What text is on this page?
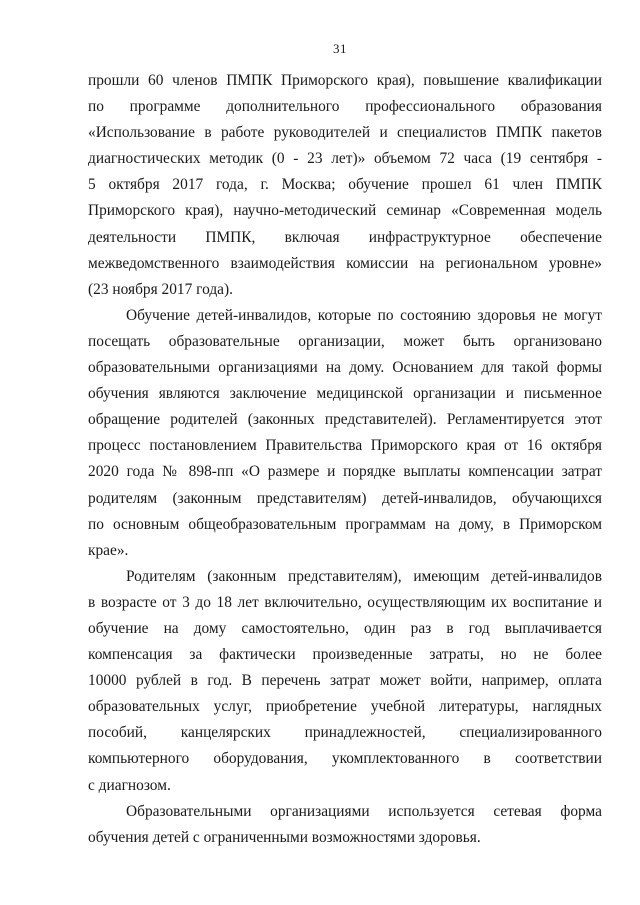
31
прошли 60 членов ПМПК Приморского края), повышение квалификации
по программе дополнительного профессионального образования
«Использование в работе руководителей и специалистов ПМПК пакетов
диагностических методик (0 - 23 лет)» объемом 72 часа (19 сентября -
5 октября 2017 года, г. Москва; обучение прошел 61 член ПМПК
Приморского края), научно-методический семинар «Современная модель
деятельности ПМПК, включая инфраструктурное обеспечение
межведомственного взаимодействия комиссии на региональном уровне»
(23 ноября 2017 года).
Обучение детей-инвалидов, которые по состоянию здоровья не могут
посещать образовательные организации, может быть организовано
образовательными организациями на дому. Основанием для такой формы
обучения являются заключение медицинской организации и письменное
обращение родителей (законных представителей). Регламентируется этот
процесс постановлением Правительства Приморского края от 16 октября
2020 года № 898-пп «О размере и порядке выплаты компенсации затрат
родителям (законным представителям) детей-инвалидов, обучающихся
по основным общеобразовательным программам на дому, в Приморском
крае».
Родителям (законным представителям), имеющим детей-инвалидов
в возрасте от 3 до 18 лет включительно, осуществляющим их воспитание и
обучение на дому самостоятельно, один раз в год выплачивается
компенсация за фактически произведенные затраты, но не более
10000 рублей в год. В перечень затрат может войти, например, оплата
образовательных услуг, приобретение учебной литературы, наглядных
пособий, канцелярских принадлежностей, специализированного
компьютерного оборудования, укомплектованного в соответствии
с диагнозом.
Образовательными организациями используется сетевая форма
обучения детей с ограниченными возможностями здоровья.
